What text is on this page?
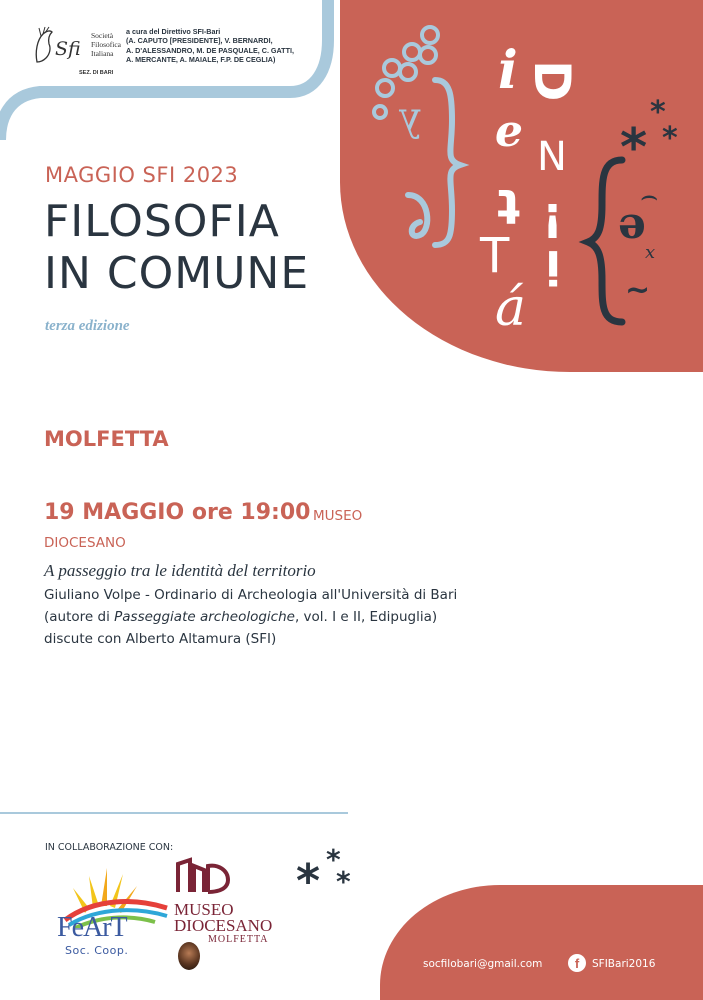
λ
i
e
t
T
á
D
N
!
i
*
*
*
ə
⌢
x
~
Sfi
Società
Filosofica
Italiana
SEZ. DI BARI
a cura del Direttivo SFI-Bari
(A. CAPUTO [PRESIDENTE], V. BERNARDI,
A. D'ALESSANDRO, M. DE PASQUALE, C. GATTI,
A. MERCANTE, A. MAIALE, F.P. DE CEGLIA)
MAGGIO SFI 2023
FILOSOFIA
IN COMUNE
terza edizione
MOLFETTA
19 MAGGIO ore 19:00 MUSEO
DIOCESANO
A passeggio tra le identità del territorio
Giuliano Volpe - Ordinario di Archeologia all'Università di Bari
(autore di Passeggiate archeologiche, vol. I e II, Edipuglia)
discute con Alberto Altamura (SFI)
IN COLLABORAZIONE CON:
FeArT
Soc. Coop.
MUSEO
DIOCESANO
MOLFETTA
* *
*
socfilobari@gmail.com	f	SFIBari2016
